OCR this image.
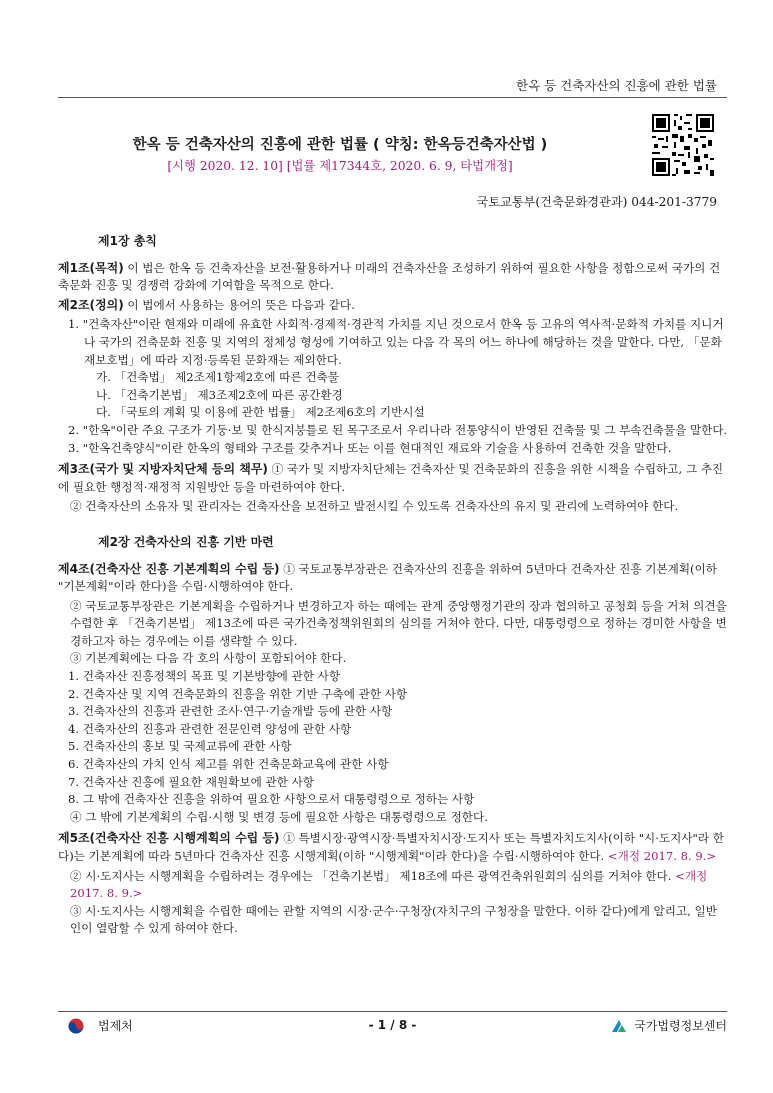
한옥 등 건축자산의 진흥에 관한 법률
한옥 등 건축자산의 진흥에 관한 법률 ( 약칭: 한옥등건축자산법 )
[시행 2020. 12. 10] [법률 제17344호, 2020. 6. 9, 타법개정]
국토교통부(건축문화경관과) 044-201-3779
제1장 총칙
제1조(목적) 이 법은 한옥 등 건축자산을 보전·활용하거나 미래의 건축자산을 조성하기 위하여 필요한 사항을 정함으로써 국가의 건축문화 진흥 및 경쟁력 강화에 기여함을 목적으로 한다.
제2조(정의) 이 법에서 사용하는 용어의 뜻은 다음과 같다.
1. "건축자산"이란 현재와 미래에 유효한 사회적·경제적·경관적 가치를 지닌 것으로서 한옥 등 고유의 역사적·문화적 가치를 지니거나 국가의 건축문화 진흥 및 지역의 정체성 형성에 기여하고 있는 다음 각 목의 어느 하나에 해당하는 것을 말한다. 다만, 「문화재보호법」에 따라 지정·등록된 문화재는 제외한다.
가. 「건축법」 제2조제1항제2호에 따른 건축물
나. 「건축기본법」 제3조제2호에 따른 공간환경
다. 「국토의 계획 및 이용에 관한 법률」 제2조제6호의 기반시설
2. "한옥"이란 주요 구조가 기둥·보 및 한식지붕틀로 된 목구조로서 우리나라 전통양식이 반영된 건축물 및 그 부속건축물을 말한다.
3. "한옥건축양식"이란 한옥의 형태와 구조를 갖추거나 또는 이를 현대적인 재료와 기술을 사용하여 건축한 것을 말한다.
제3조(국가 및 지방자치단체 등의 책무) ① 국가 및 지방자치단체는 건축자산 및 건축문화의 진흥을 위한 시책을 수립하고, 그 추진에 필요한 행정적·재정적 지원방안 등을 마련하여야 한다.
② 건축자산의 소유자 및 관리자는 건축자산을 보전하고 발전시킬 수 있도록 건축자산의 유지 및 관리에 노력하여야 한다.
제2장 건축자산의 진흥 기반 마련
제4조(건축자산 진흥 기본계획의 수립 등) ① 국토교통부장관은 건축자산의 진흥을 위하여 5년마다 건축자산 진흥 기본계획(이하 "기본계획"이라 한다)을 수립·시행하여야 한다.
② 국토교통부장관은 기본계획을 수립하거나 변경하고자 하는 때에는 관계 중앙행정기관의 장과 협의하고 공청회 등을 거쳐 의견을 수렴한 후 「건축기본법」 제13조에 따른 국가건축정책위원회의 심의를 거쳐야 한다. 다만, 대통령령으로 정하는 경미한 사항을 변경하고자 하는 경우에는 이를 생략할 수 있다.
③ 기본계획에는 다음 각 호의 사항이 포함되어야 한다.
1. 건축자산 진흥정책의 목표 및 기본방향에 관한 사항
2. 건축자산 및 지역 건축문화의 진흥을 위한 기반 구축에 관한 사항
3. 건축자산의 진흥과 관련한 조사·연구·기술개발 등에 관한 사항
4. 건축자산의 진흥과 관련한 전문인력 양성에 관한 사항
5. 건축자산의 홍보 및 국제교류에 관한 사항
6. 건축자산의 가치 인식 제고를 위한 건축문화교육에 관한 사항
7. 건축자산 진흥에 필요한 재원확보에 관한 사항
8. 그 밖에 건축자산 진흥을 위하여 필요한 사항으로서 대통령령으로 정하는 사항
④ 그 밖에 기본계획의 수립·시행 및 변경 등에 필요한 사항은 대통령령으로 정한다.
제5조(건축자산 진흥 시행계획의 수립 등) ① 특별시장·광역시장·특별자치시장·도지사 또는 특별자치도지사(이하 "시·도지사"라 한다)는 기본계획에 따라 5년마다 건축자산 진흥 시행계획(이하 "시행계획"이라 한다)을 수립·시행하여야 한다. <개정 2017. 8. 9.>
② 시·도지사는 시행계획을 수립하려는 경우에는 「건축기본법」 제18조에 따른 광역건축위원회의 심의를 거쳐야 한다. <개정 2017. 8. 9.>
③ 시·도지사는 시행계획을 수립한 때에는 관할 지역의 시장·군수·구청장(자치구의 구청장을 말한다. 이하 같다)에게 알리고, 일반인이 열람할 수 있게 하여야 한다.
법제처	- 1 / 8 -	국가법령정보센터
